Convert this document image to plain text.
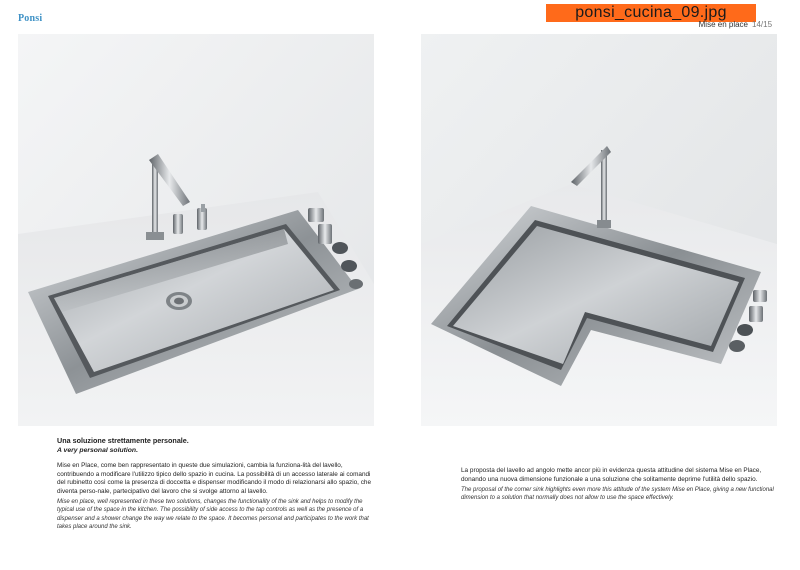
Ponsi	ponsi_cucina_09.jpg
Mise en place 14/15

Una soluzione strettamente personale.

A very personal solution.

Mise en Place, come ben rappresentato in queste due simulazioni, cambia la funziona-lità del lavello, contribuendo a modificare l'utilizzo tipico dello spazio in cucina. La possibilità di un accesso laterale ai comandi del rubinetto così come la presenza di doccetta e dispenser modificando il modo di relazionarsi allo spazio, che diventa perso-nale, partecipativo del lavoro che si svolge attorno al lavello.

Mise en place, well represented in these two solutions, changes the functionality of the sink and helps to modify the typical use of the space in the kitchen. The possibility of side access to the tap controls as well as the presence of a dispenser and a shower change the way we relate to the space. It becomes personal and participates to the work that takes place around the sink.

La proposta del lavello ad angolo mette ancor più in evidenza questa attitudine del sistema Mise en Place, donando una nuova dimensione funzionale a una soluzione che solitamente deprime l'utilità dello spazio.

The proposal of the corner sink highlights even more this attitude of the system Mise en Place, giving a new functional dimension to a solution that normally does not allow to use the space effectively.
